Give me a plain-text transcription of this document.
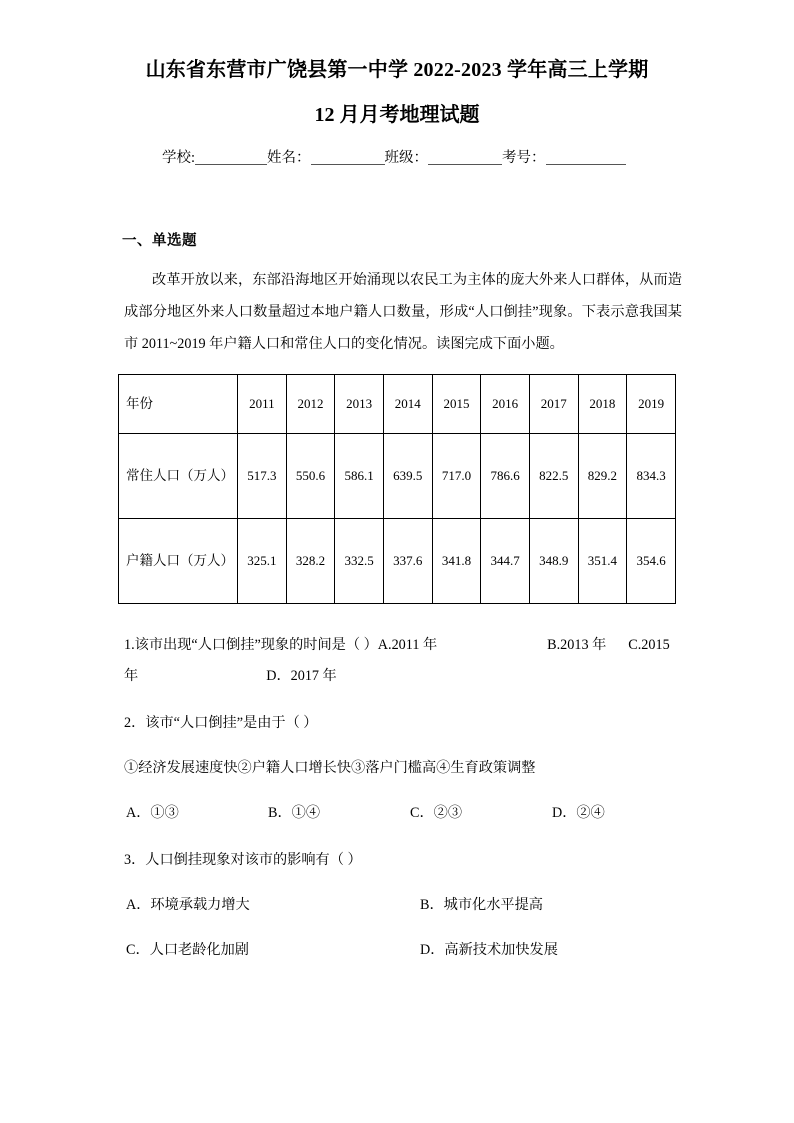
山东省东营市广饶县第一中学 2022-2023 学年高三上学期
12 月月考地理试题
学校:	姓名：	班级：	考号：
一、单选题
改革开放以来，东部沿海地区开始涌现以农民工为主体的庞大外来人口群体，从而造成部分地区外来人口数量超过本地户籍人口数量，形成“人口倒挂”现象。下表示意我国某市 2011~2019 年户籍人口和常住人口的变化情况。读图完成下面小题。
年份	2011	2012	2013	2014	2015	2016	2017	2018	2019
常住人口（万人）	517.3	550.6	586.1	639.5	717.0	786.6	822.5	829.2	834.3
户籍人口（万人）	325.1	328.2	332.5	337.6	341.8	344.7	348.9	351.4	354.6
1.该市出现“人口倒挂”现象的时间是（ ）A.2011 年	B.2013 年 C.2015
年	D．2017 年
2．该市“人口倒挂”是由于（ ）
①经济发展速度快②户籍人口增长快③落户门槛高④生育政策调整
A．①③	B．①④	C．②③	D．②④
3．人口倒挂现象对该市的影响有（ ）
A．环境承载力增大	B．城市化水平提高
C．人口老龄化加剧	D．高新技术加快发展
